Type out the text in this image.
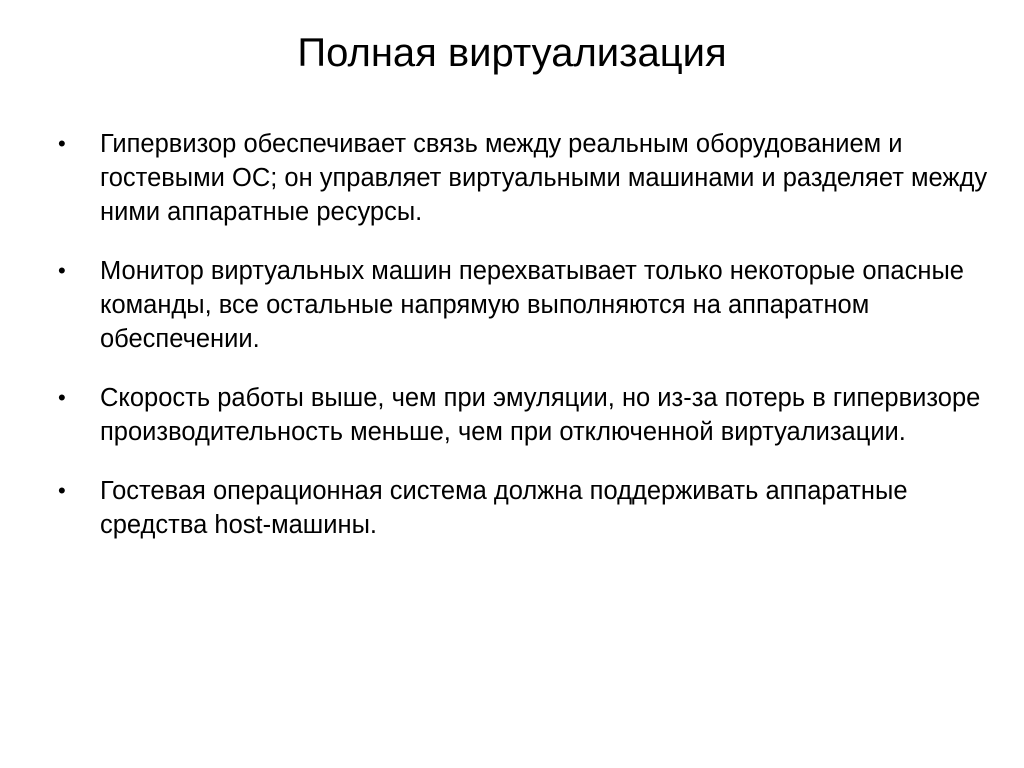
Полная виртуализация
• Гипервизор обеспечивает связь между реальным оборудованием и гостевыми ОС; он управляет виртуальными машинами и разделяет между ними аппаратные ресурсы.
• Монитор виртуальных машин перехватывает только некоторые опасные команды, все остальные напрямую выполняются на аппаратном обеспечении.
• Скорость работы выше, чем при эмуляции, но из-за потерь в гипервизоре производительность меньше, чем при отключенной виртуализации.
• Гостевая операционная система должна поддерживать аппаратные средства host-машины.
